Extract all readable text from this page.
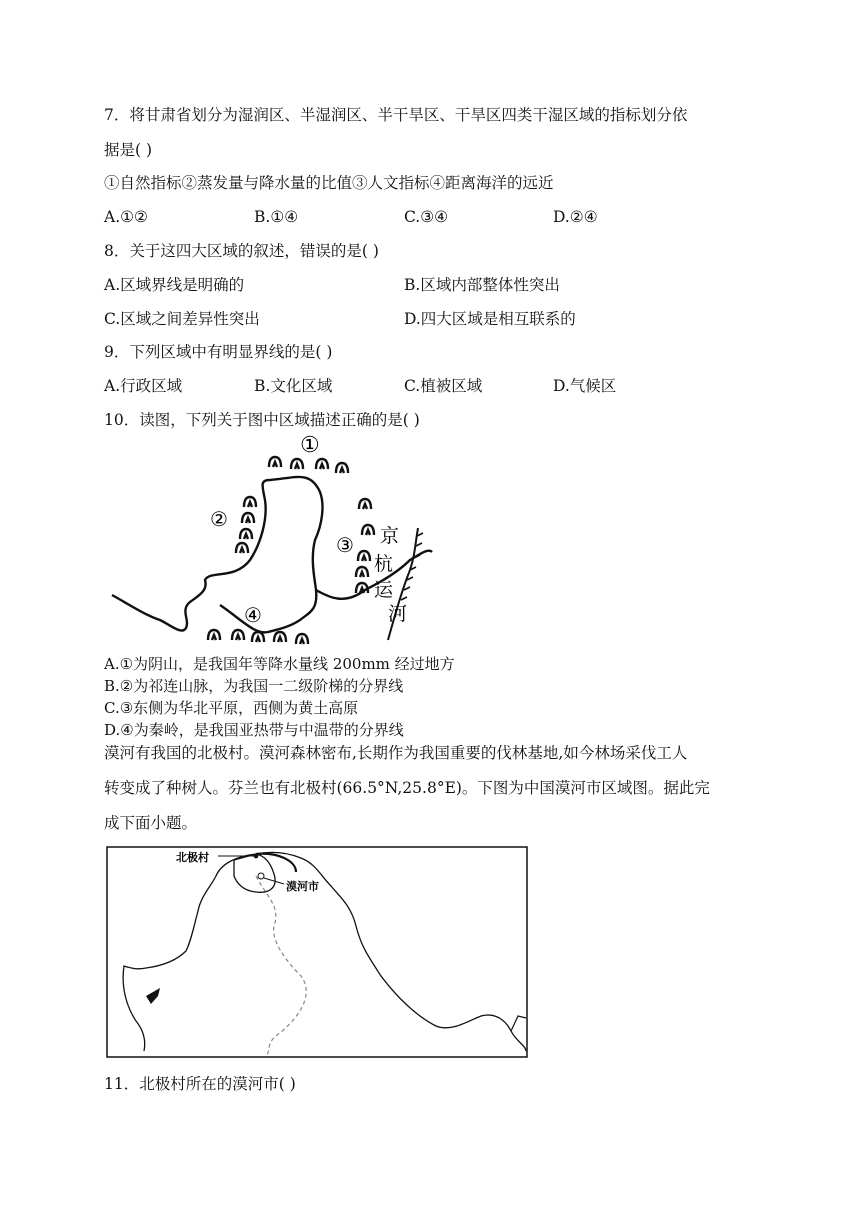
7．将甘肃省划分为湿润区、半湿润区、半干旱区、干旱区四类干湿区域的指标划分依
据是( )
①自然指标②蒸发量与降水量的比值③人文指标④距离海洋的远近
A.①②	B.①④	C.③④	D.②④
8．关于这四大区域的叙述，错误的是( )
A.区域界线是明确的	B.区域内部整体性突出
C.区域之间差异性突出	D.四大区域是相互联系的
9．下列区域中有明显界线的是( )
A.行政区域	B.文化区域	C.植被区域	D.气候区
10．读图，下列关于图中区域描述正确的是( )
①
②
③
④
京
杭
运
河
A.①为阴山，是我国年等降水量线 200mm 经过地方
B.②为祁连山脉，为我国一二级阶梯的分界线
C.③东侧为华北平原，西侧为黄土高原
D.④为秦岭，是我国亚热带与中温带的分界线
漠河有我国的北极村。漠河森林密布,长期作为我国重要的伐林基地,如今林场采伐工人
转变成了种树人。芬兰也有北极村(66.5°N,25.8°E)。下图为中国漠河市区域图。据此完
成下面小题。
北极村
漠河市
11．北极村所在的漠河市( )
